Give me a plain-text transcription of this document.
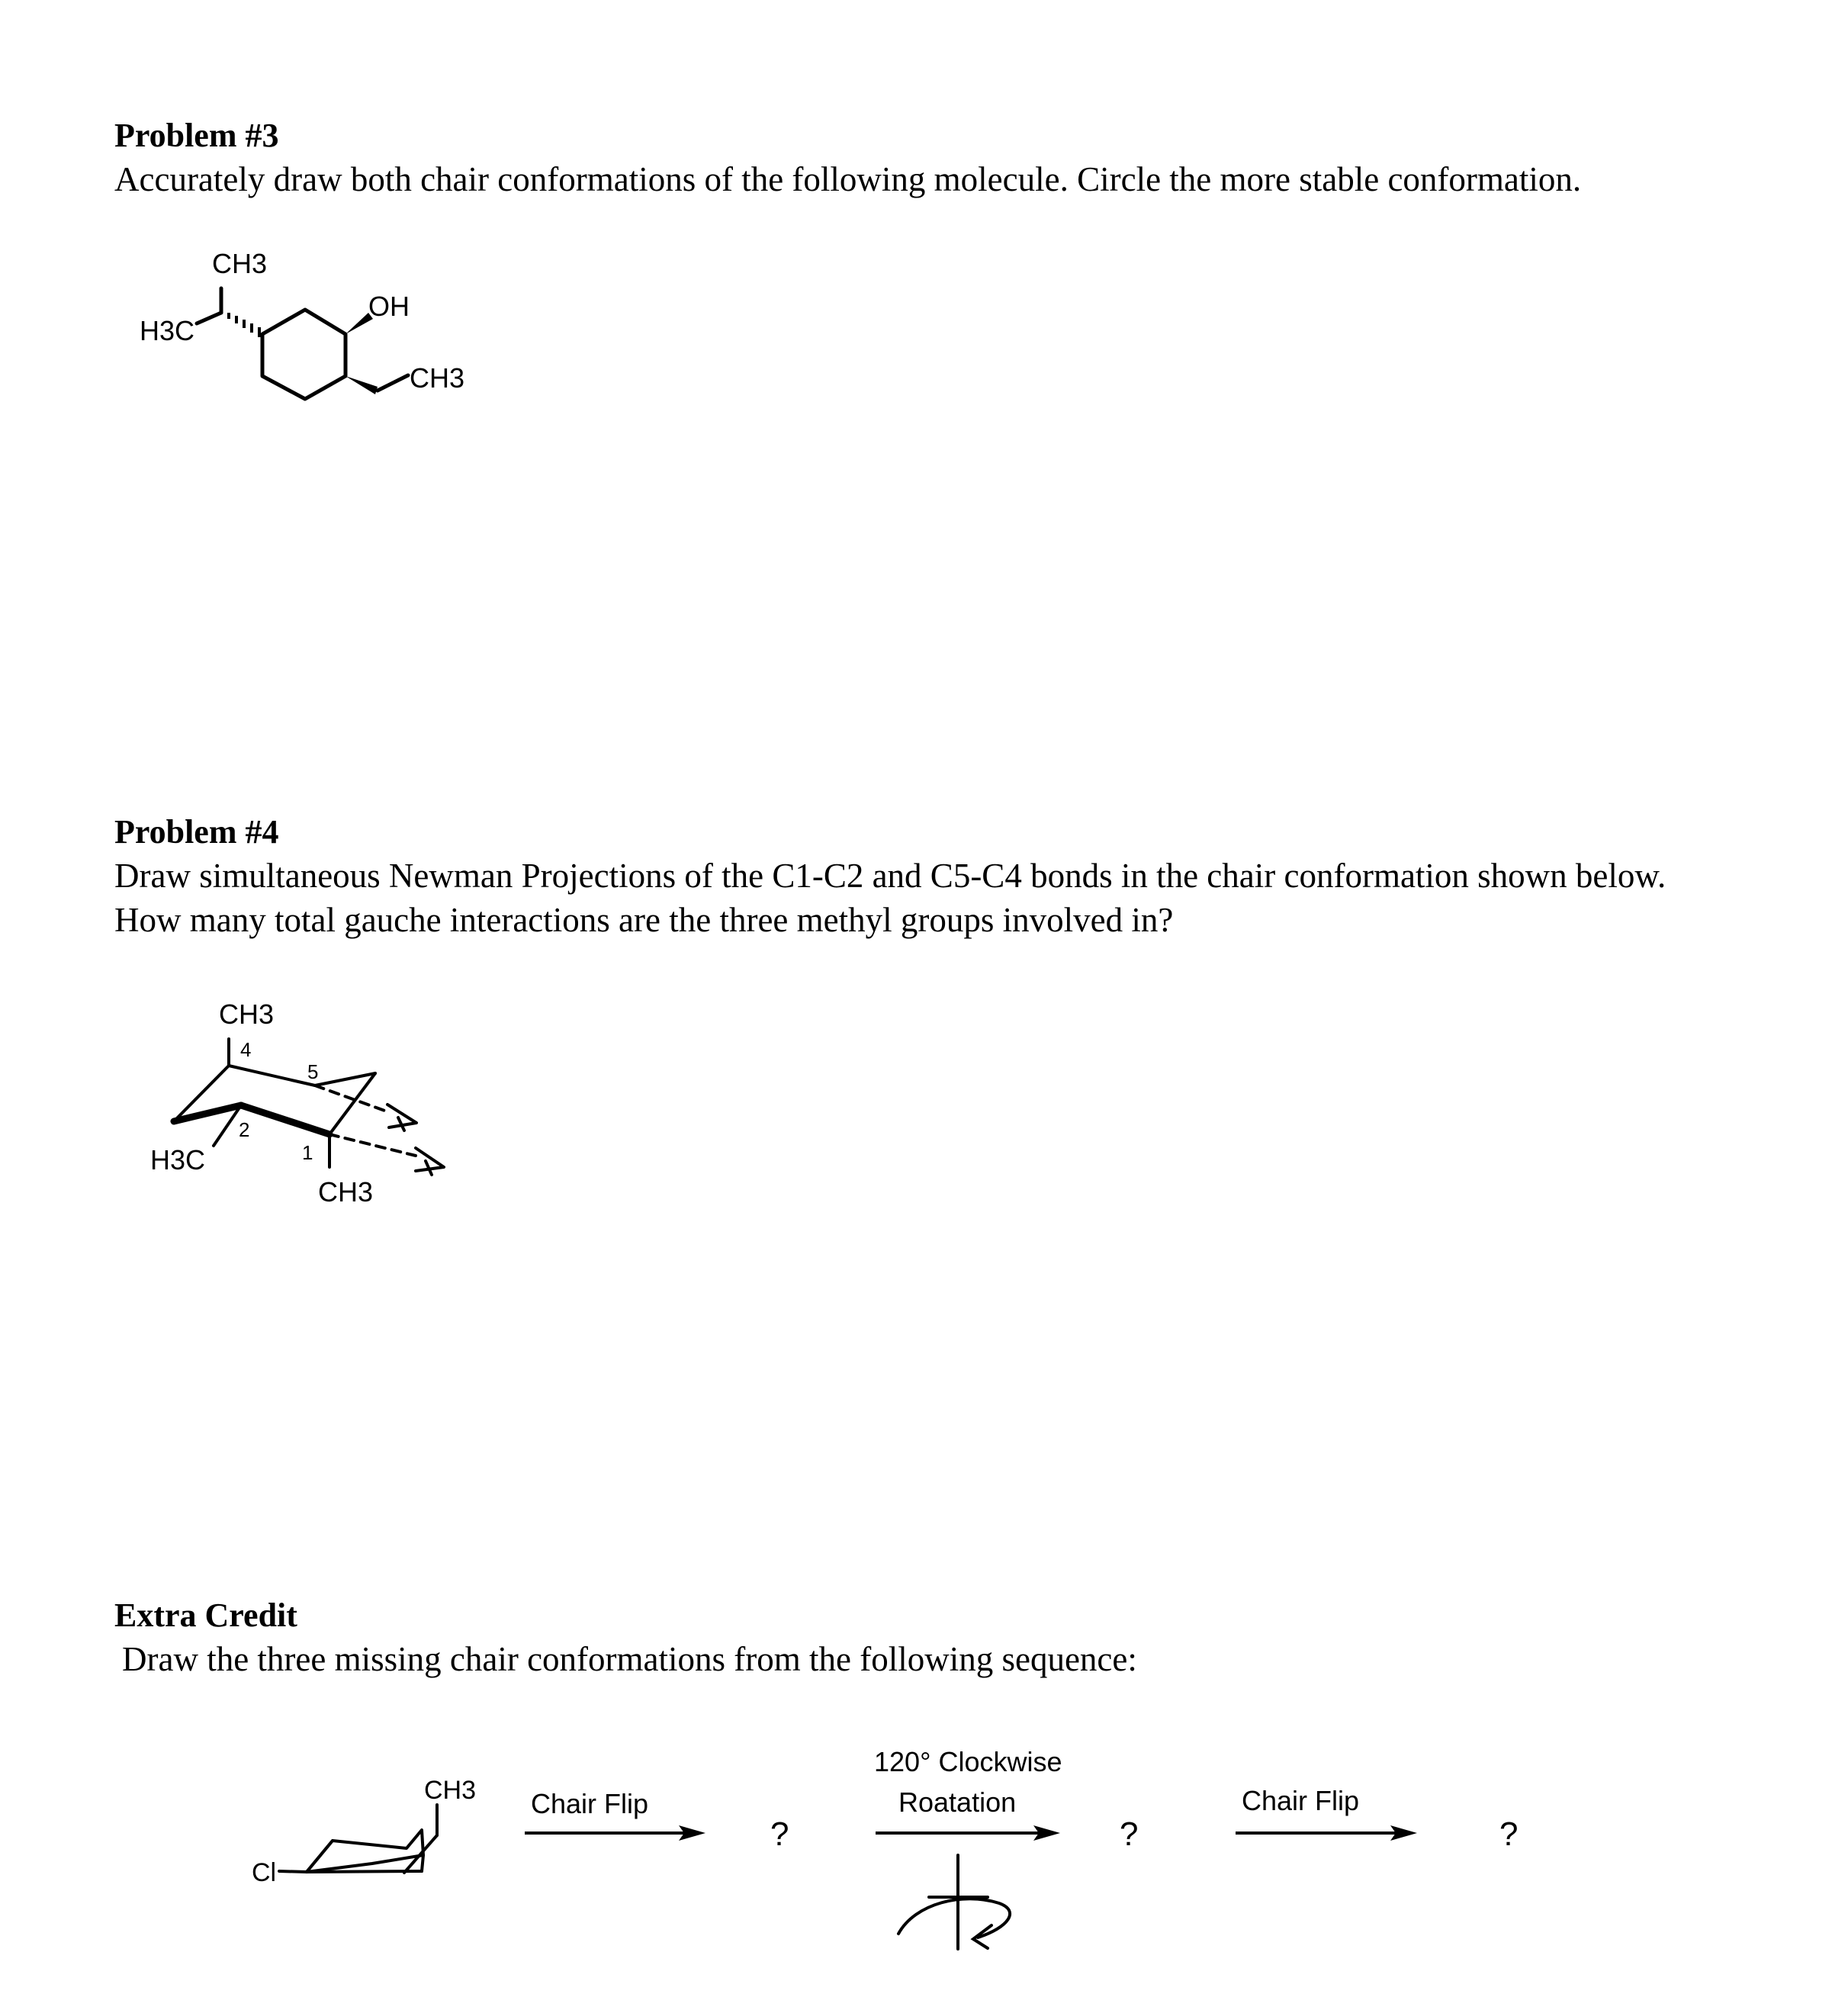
Problem #3
Accurately draw both chair conformations of the following molecule. Circle the more stable conformation.
CH3
H3C
OH
CH3
Problem #4
Draw simultaneous Newman Projections of the C1-C2 and C5-C4 bonds in the chair conformation shown below.
How many total gauche interactions are the three methyl groups involved in?
CH3
H3C
CH3
4
5
2
1
Extra Credit
Draw the three missing chair conformations from the following sequence:
CH3
Cl
Chair Flip
?
120° Clockwise
Roatation
?
Chair Flip
?
